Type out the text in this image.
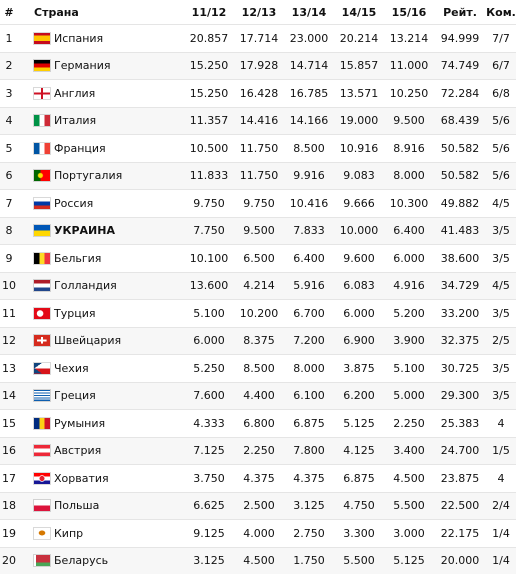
#	Страна	11/12	12/13	13/14	14/15	15/16	Рейт.	Ком.
1	Испания	20.857	17.714	23.000	20.214	13.214	94.999	7/7
2	Германия	15.250	17.928	14.714	15.857	11.000	74.749	6/7
3	Англия	15.250	16.428	16.785	13.571	10.250	72.284	6/8
4	Италия	11.357	14.416	14.166	19.000	9.500	68.439	5/6
5	Франция	10.500	11.750	8.500	10.916	8.916	50.582	5/6
6	Португалия	11.833	11.750	9.916	9.083	8.000	50.582	5/6
7	Россия	9.750	9.750	10.416	9.666	10.300	49.882	4/5
8	УКРАИНА	7.750	9.500	7.833	10.000	6.400	41.483	3/5
9	Бельгия	10.100	6.500	6.400	9.600	6.000	38.600	3/5
10	Голландия	13.600	4.214	5.916	6.083	4.916	34.729	4/5
11	Турция	5.100	10.200	6.700	6.000	5.200	33.200	3/5
12	Швейцария	6.000	8.375	7.200	6.900	3.900	32.375	2/5
13	Чехия	5.250	8.500	8.000	3.875	5.100	30.725	3/5
14	Греция	7.600	4.400	6.100	6.200	5.000	29.300	3/5
15	Румыния	4.333	6.800	6.875	5.125	2.250	25.383	4
16	Австрия	7.125	2.250	7.800	4.125	3.400	24.700	1/5
17	Хорватия	3.750	4.375	4.375	6.875	4.500	23.875	4
18	Польша	6.625	2.500	3.125	4.750	5.500	22.500	2/4
19	Кипр	9.125	4.000	2.750	3.300	3.000	22.175	1/4
20	Беларусь	3.125	4.500	1.750	5.500	5.125	20.000	1/4
